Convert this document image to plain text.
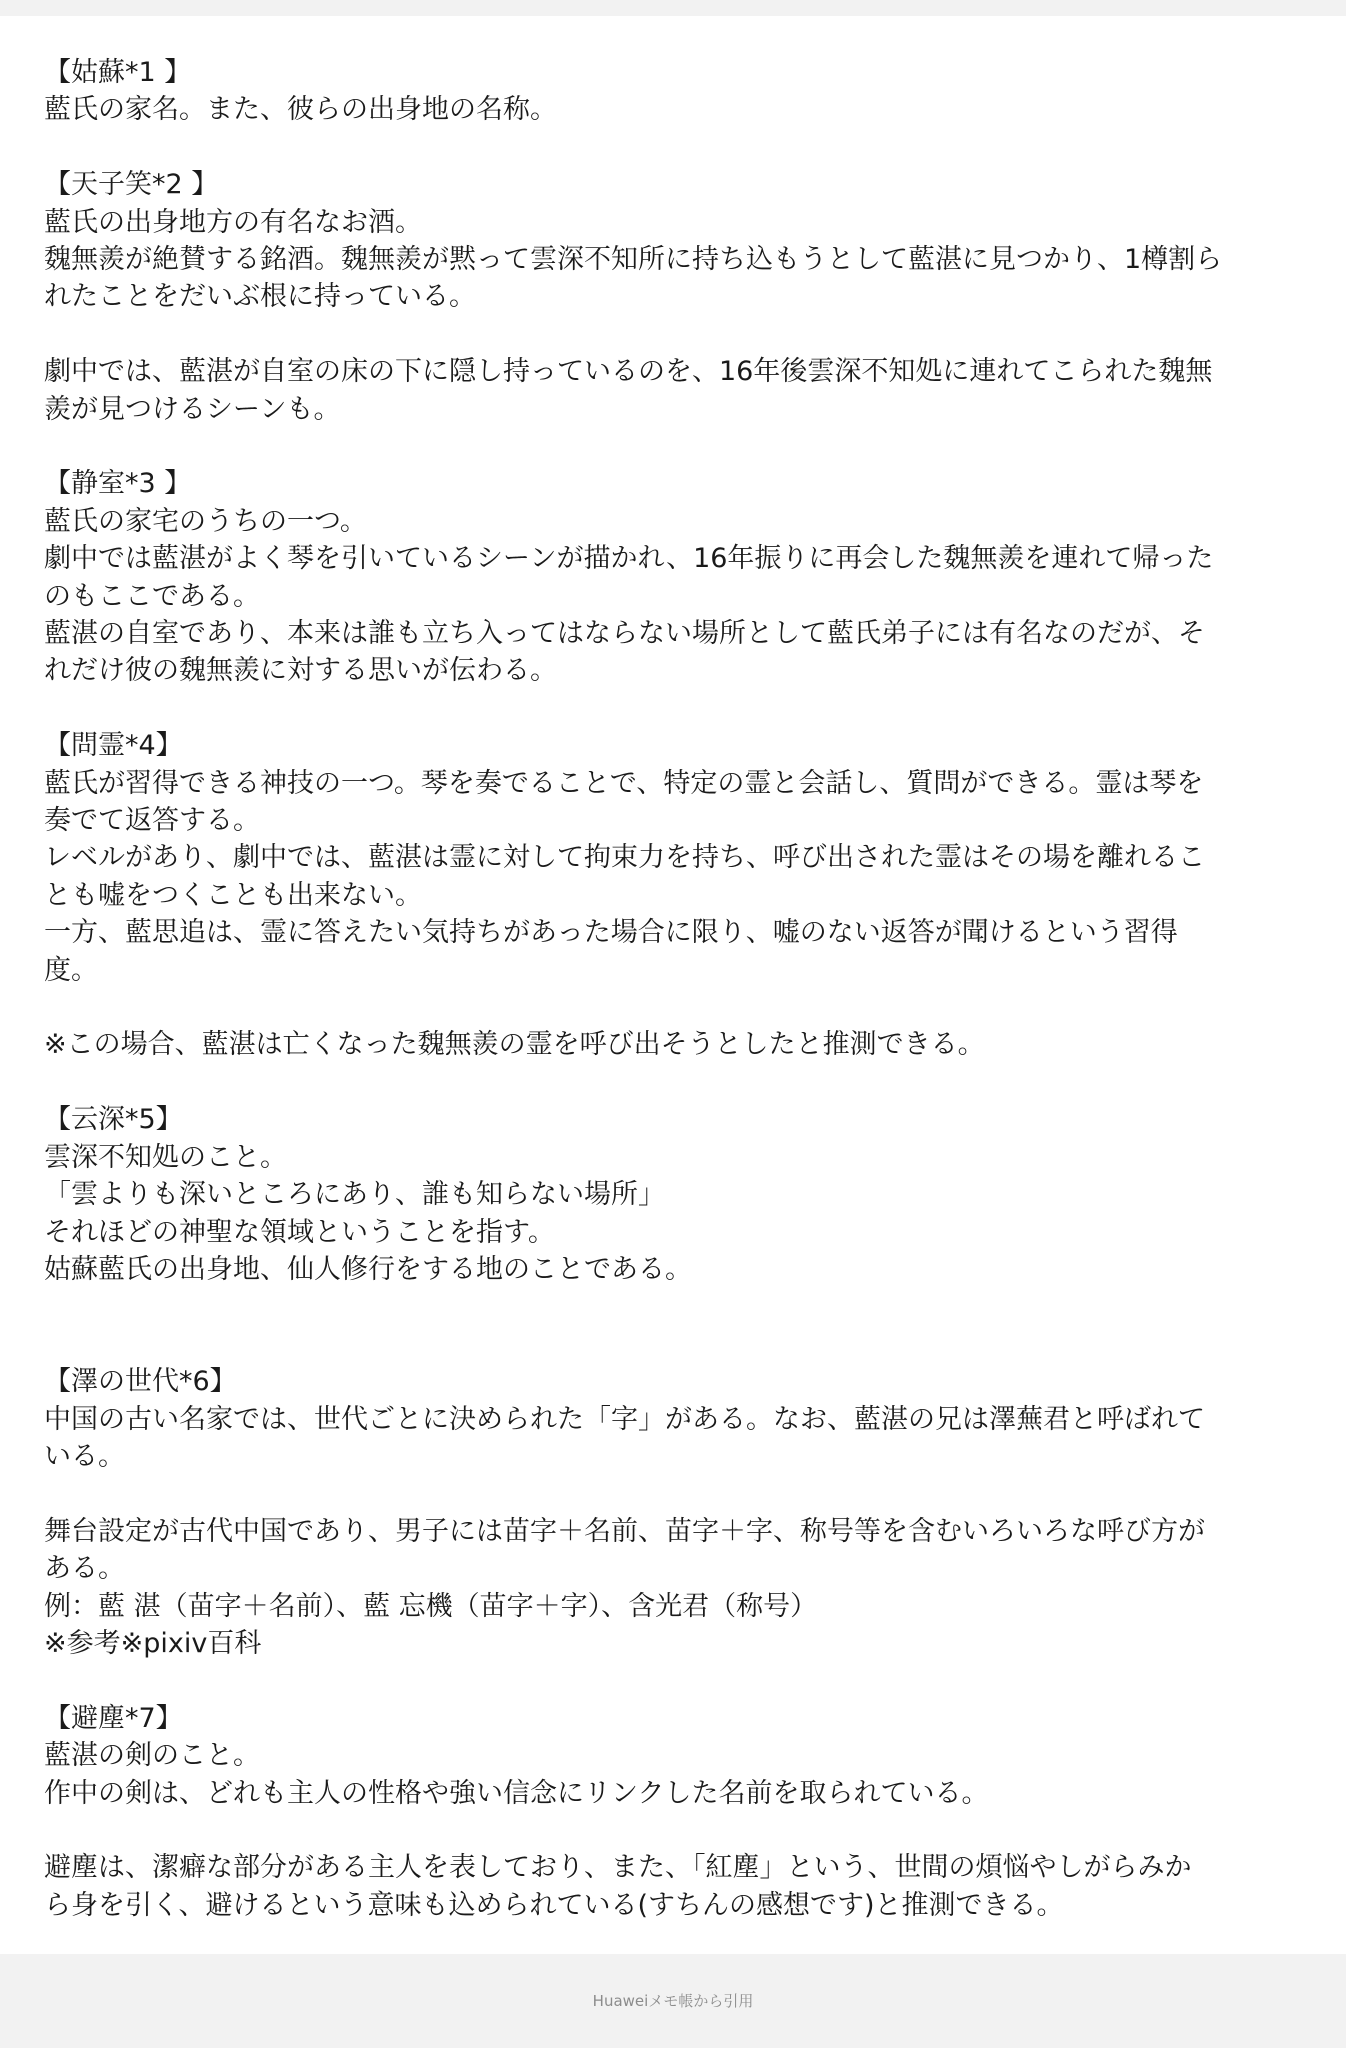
【姑蘇*1 】
藍氏の家名。また、彼らの出身地の名称。
【天子笑*2 】
藍氏の出身地方の有名なお酒。
魏無羨が絶賛する銘酒。魏無羨が黙って雲深不知所に持ち込もうとして藍湛に見つかり、1樽割ら
れたことをだいぶ根に持っている。
劇中では、藍湛が自室の床の下に隠し持っているのを、16年後雲深不知処に連れてこられた魏無
羨が見つけるシーンも。
【静室*3 】
藍氏の家宅のうちの一つ。
劇中では藍湛がよく琴を引いているシーンが描かれ、16年振りに再会した魏無羨を連れて帰った
のもここである。
藍湛の自室であり、本来は誰も立ち入ってはならない場所として藍氏弟子には有名なのだが、そ
れだけ彼の魏無羨に対する思いが伝わる。
【問霊*4】
藍氏が習得できる神技の一つ。琴を奏でることで、特定の霊と会話し、質問ができる。霊は琴を
奏でて返答する。
レベルがあり、劇中では、藍湛は霊に対して拘束力を持ち、呼び出された霊はその場を離れるこ
とも嘘をつくことも出来ない。
一方、藍思追は、霊に答えたい気持ちがあった場合に限り、嘘のない返答が聞けるという習得
度。
※この場合、藍湛は亡くなった魏無羨の霊を呼び出そうとしたと推測できる。
【云深*5】
雲深不知処のこと。
「雲よりも深いところにあり、誰も知らない場所」
それほどの神聖な領域ということを指す。
姑蘇藍氏の出身地、仙人修行をする地のことである。
【澤の世代*6】
中国の古い名家では、世代ごとに決められた「字」がある。なお、藍湛の兄は澤蕪君と呼ばれて
いる。
舞台設定が古代中国であり、男子には苗字＋名前、苗字＋字、称号等を含むいろいろな呼び方が
ある。
例：藍 湛（苗字＋名前）、藍 忘機（苗字＋字）、含光君（称号）
※参考※pixiv百科
【避塵*7】
藍湛の剣のこと。
作中の剣は、どれも主人の性格や強い信念にリンクした名前を取られている。
避塵は、潔癖な部分がある主人を表しており、また、「紅塵」という、世間の煩悩やしがらみか
ら身を引く、避けるという意味も込められている(すちんの感想です)と推測できる。
Huaweiメモ帳から引用
